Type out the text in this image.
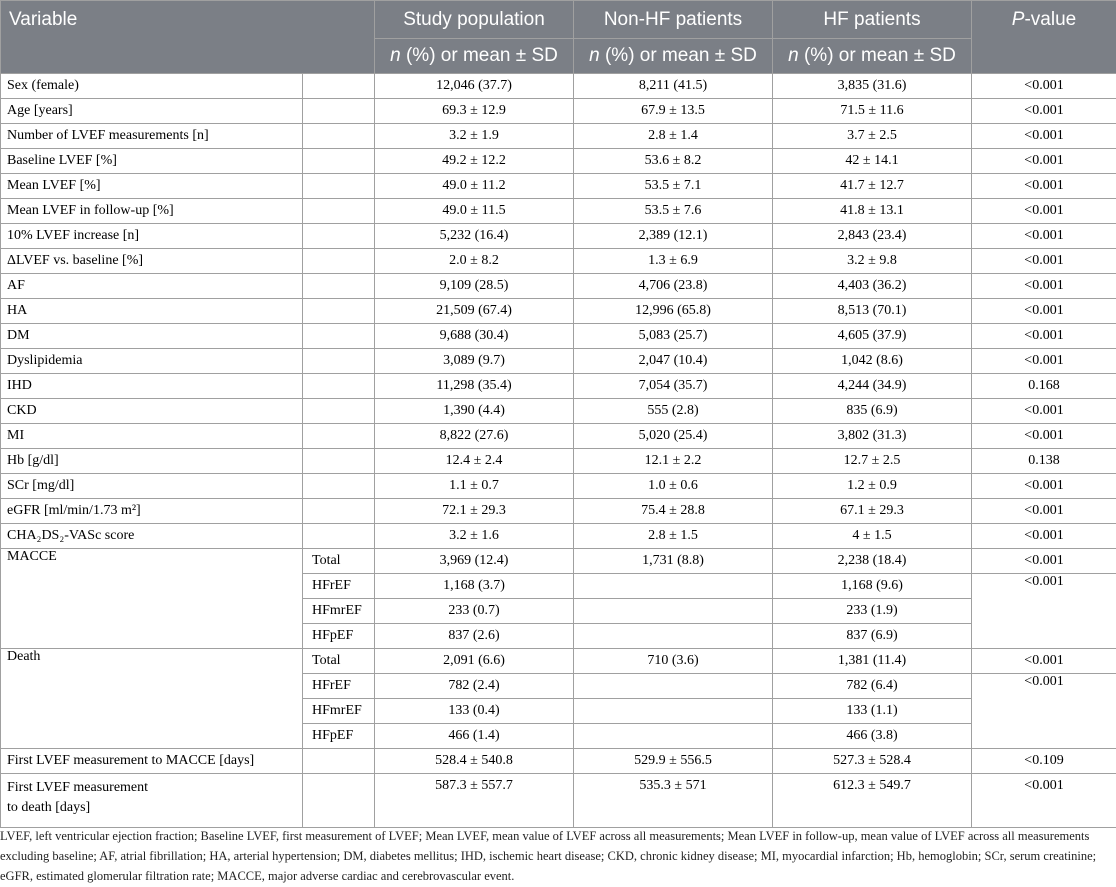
Variable		Study population	Non-HF patients	HF patients	P-value
		n (%) or mean ± SD	n (%) or mean ± SD	n (%) or mean ± SD	
Sex (female)		12,046 (37.7)	8,211 (41.5)	3,835 (31.6)	<0.001
Age [years]		69.3 ± 12.9	67.9 ± 13.5	71.5 ± 11.6	<0.001
Number of LVEF measurements [n]		3.2 ± 1.9	2.8 ± 1.4	3.7 ± 2.5	<0.001
Baseline LVEF [%]		49.2 ± 12.2	53.6 ± 8.2	42 ± 14.1	<0.001
Mean LVEF [%]		49.0 ± 11.2	53.5 ± 7.1	41.7 ± 12.7	<0.001
Mean LVEF in follow-up [%]		49.0 ± 11.5	53.5 ± 7.6	41.8 ± 13.1	<0.001
10% LVEF increase [n]		5,232 (16.4)	2,389 (12.1)	2,843 (23.4)	<0.001
ΔLVEF vs. baseline [%]		2.0 ± 8.2	1.3 ± 6.9	3.2 ± 9.8	<0.001
AF		9,109 (28.5)	4,706 (23.8)	4,403 (36.2)	<0.001
HA		21,509 (67.4)	12,996 (65.8)	8,513 (70.1)	<0.001
DM		9,688 (30.4)	5,083 (25.7)	4,605 (37.9)	<0.001
Dyslipidemia		3,089 (9.7)	2,047 (10.4)	1,042 (8.6)	<0.001
IHD		11,298 (35.4)	7,054 (35.7)	4,244 (34.9)	0.168
CKD		1,390 (4.4)	555 (2.8)	835 (6.9)	<0.001
MI		8,822 (27.6)	5,020 (25.4)	3,802 (31.3)	<0.001
Hb [g/dl]		12.4 ± 2.4	12.1 ± 2.2	12.7 ± 2.5	0.138
SCr [mg/dl]		1.1 ± 0.7	1.0 ± 0.6	1.2 ± 0.9	<0.001
eGFR [ml/min/1.73 m²]		72.1 ± 29.3	75.4 ± 28.8	67.1 ± 29.3	<0.001
CHA₂DS₂-VASc score		3.2 ± 1.6	2.8 ± 1.5	4 ± 1.5	<0.001
MACCE	Total	3,969 (12.4)	1,731 (8.8)	2,238 (18.4)	<0.001
	HFrEF	1,168 (3.7)		1,168 (9.6)	<0.001
	HFmrEF	233 (0.7)		233 (1.9)	
	HFpEF	837 (2.6)		837 (6.9)	
Death	Total	2,091 (6.6)	710 (3.6)	1,381 (11.4)	<0.001
	HFrEF	782 (2.4)		782 (6.4)	<0.001
	HFmrEF	133 (0.4)		133 (1.1)	
	HFpEF	466 (1.4)		466 (3.8)	
First LVEF measurement to MACCE [days]		528.4 ± 540.8	529.9 ± 556.5	527.3 ± 528.4	<0.109
First LVEF measurement
to death [days]		587.3 ± 557.7	535.3 ± 571	612.3 ± 549.7	<0.001
LVEF, left ventricular ejection fraction; Baseline LVEF, first measurement of LVEF; Mean LVEF, mean value of LVEF across all measurements; Mean LVEF in follow-up, mean value of LVEF across all measurements excluding baseline; AF, atrial fibrillation; HA, arterial hypertension; DM, diabetes mellitus; IHD, ischemic heart disease; CKD, chronic kidney disease; MI, myocardial infarction; Hb, hemoglobin; SCr, serum creatinine; eGFR, estimated glomerular filtration rate; MACCE, major adverse cardiac and cerebrovascular event.
